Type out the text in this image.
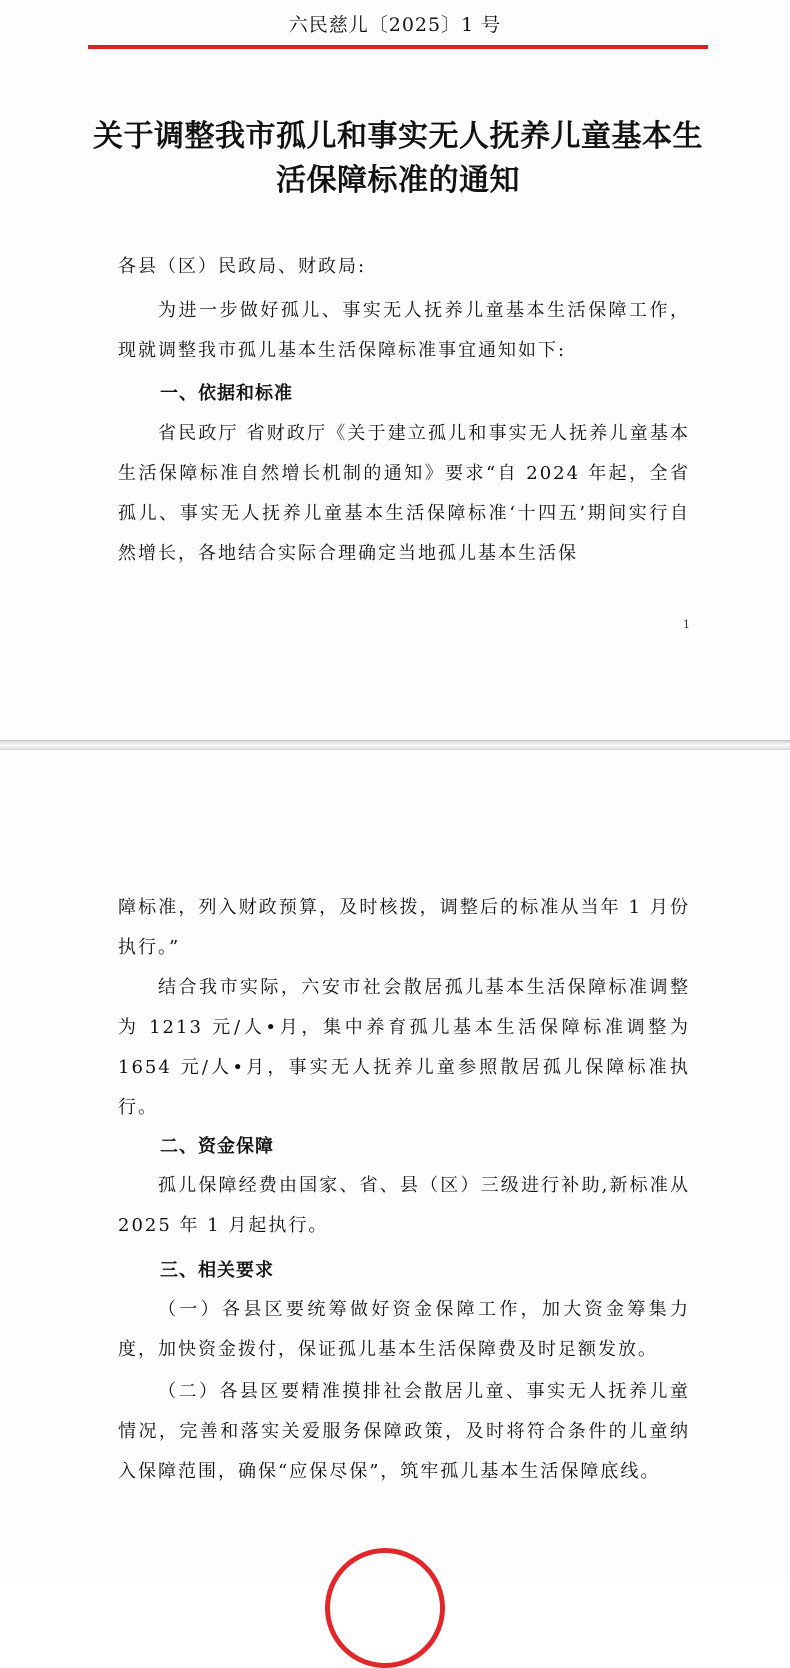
六民慈儿〔2025〕1 号
关于调整我市孤儿和事实无人抚养儿童基本生活保障标准的通知
各县（区）民政局、财政局:
为进一步做好孤儿、事实无人抚养儿童基本生活保障工作，现就调整我市孤儿基本生活保障标准事宜通知如下:
一、依据和标准
省民政厅 省财政厅《关于建立孤儿和事实无人抚养儿童基本生活保障标准自然增长机制的通知》要求“自 2024 年起，全省孤儿、事实无人抚养儿童基本生活保障标准‘十四五’期间实行自然增长，各地结合实际合理确定当地孤儿基本生活保
1
障标准，列入财政预算，及时核拨，调整后的标准从当年 1 月份执行。”
结合我市实际，六安市社会散居孤儿基本生活保障标准调整为 1213 元/人•月，集中养育孤儿基本生活保障标准调整为 1654 元/人•月，事实无人抚养儿童参照散居孤儿保障标准执行。
二、资金保障
孤儿保障经费由国家、省、县（区）三级进行补助,新标准从 2025 年 1 月起执行。
三、相关要求
（一）各县区要统筹做好资金保障工作，加大资金筹集力度，加快资金拨付，保证孤儿基本生活保障费及时足额发放。
（二）各县区要精准摸排社会散居儿童、事实无人抚养儿童情况，完善和落实关爱服务保障政策，及时将符合条件的儿童纳入保障范围，确保“应保尽保”，筑牢孤儿基本生活保障底线。
